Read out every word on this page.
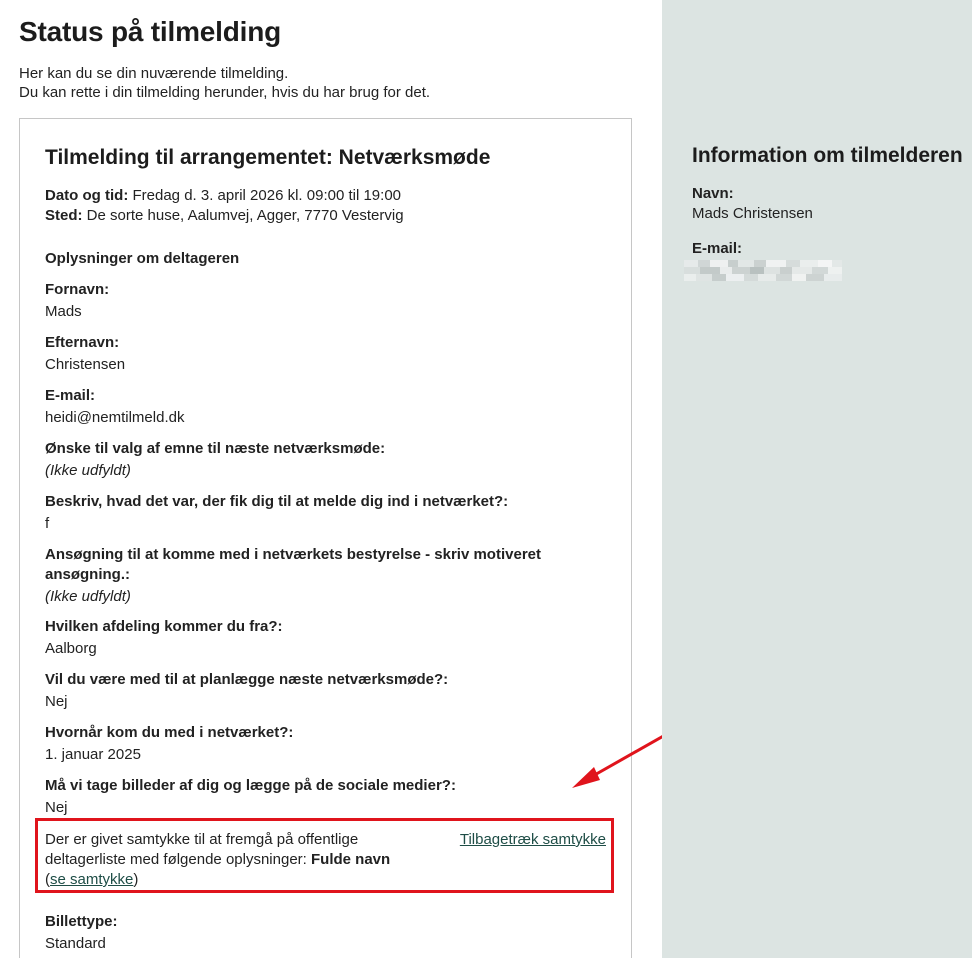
Status på tilmelding
Her kan du se din nuværende tilmelding.
Du kan rette i din tilmelding herunder, hvis du har brug for det.
Tilmelding til arrangementet: Netværksmøde
Dato og tid: Fredag d. 3. april 2026 kl. 09:00 til 19:00
Sted: De sorte huse, Aalumvej, Agger, 7770 Vestervig
Oplysninger om deltageren
Fornavn:
Mads
Efternavn:
Christensen
E-mail:
heidi@nemtilmeld.dk
Ønske til valg af emne til næste netværksmøde:
(Ikke udfyldt)
Beskriv, hvad det var, der fik dig til at melde dig ind i netværket?:
f
Ansøgning til at komme med i netværkets bestyrelse - skriv motiveret ansøgning.:
(Ikke udfyldt)
Hvilken afdeling kommer du fra?:
Aalborg
Vil du være med til at planlægge næste netværksmøde?:
Nej
Hvornår kom du med i netværket?:
1. januar 2025
Må vi tage billeder af dig og lægge på de sociale medier?:
Nej
Billettype:
Standard
Der er givet samtykke til at fremgå på offentlige deltagerliste med følgende oplysninger: Fulde navn
(se samtykke)
Tilbagetræk samtykke
Information om tilmelderen
Navn:
Mads Christensen
E-mail:
